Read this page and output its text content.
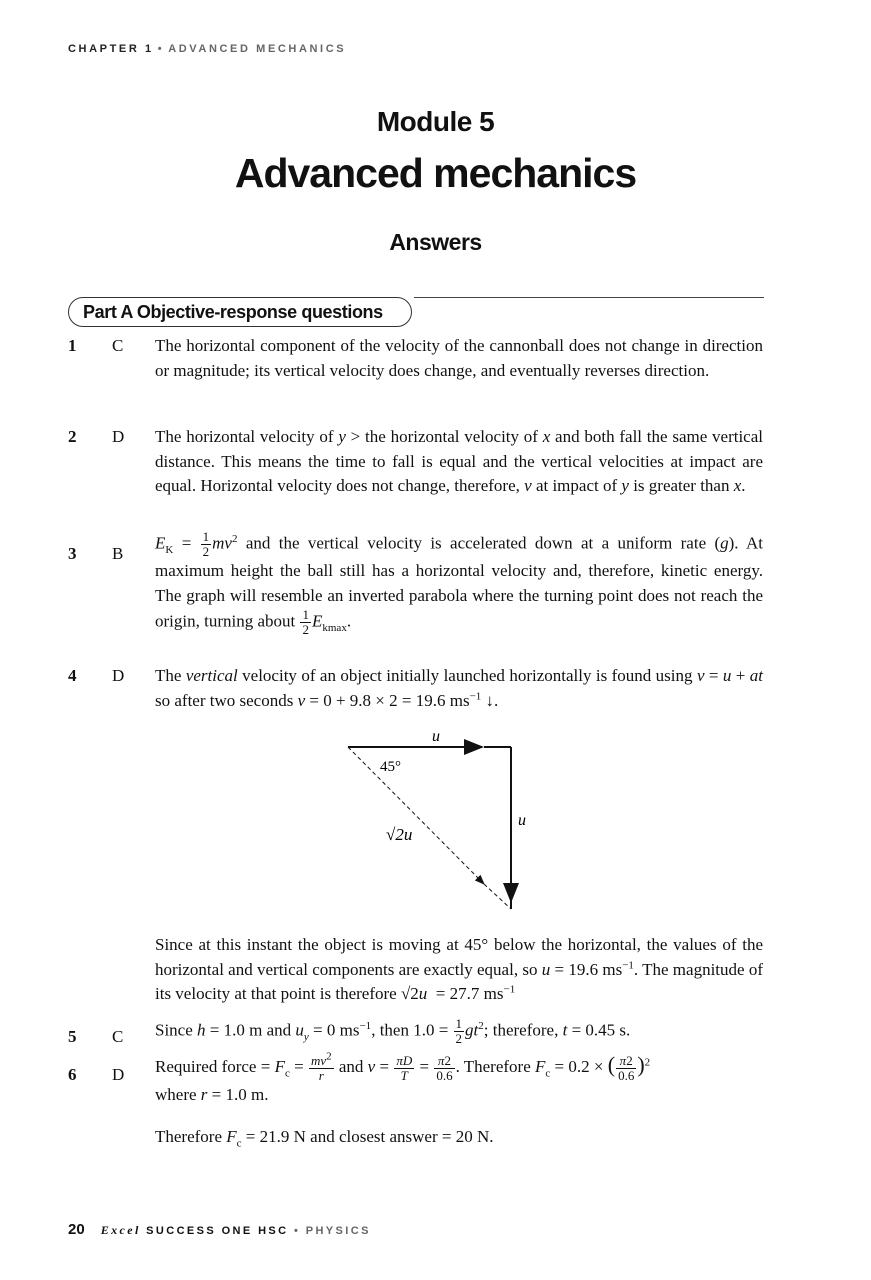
CHAPTER 1 • ADVANCED MECHANICS
Module 5
Advanced mechanics
Answers
Part A Objective-response questions
1 C The horizontal component of the velocity of the cannonball does not change in direction or magnitude; its vertical velocity does change, and eventually reverses direction.
2 D The horizontal velocity of y > the horizontal velocity of x and both fall the same vertical distance. This means the time to fall is equal and the vertical velocities at impact are equal. Horizontal velocity does not change, therefore, v at impact of y is greater than x.
3 B
$E_K = \frac{1}{2} mv^2$ and the vertical velocity is accelerated down at a uniform rate (g). At maximum height the ball still has a horizontal velocity and, therefore, kinetic energy. The graph will resemble an inverted parabola where the turning point does not reach the origin, turning about $\frac{1}{2} E_{kmax}$.
4 D The vertical velocity of an object initially launched horizontally is found using v = u + at so after two seconds v = 0 + 9.8 × 2 = 19.6 $ms^{-1}$ ↓.
u
u
45°
√2u
Since at this instant the object is moving at 45° below the horizontal, the values of the horizontal and vertical components are exactly equal, so u = 19.6 $ms^{-1}$. The magnitude of its velocity at that point is therefore √2u  = 27.7 $ms^{-1}$
5 C Since h = 1.0 m and $u_y = 0$ $ms^{-1}$, then $1.0 = \frac{1}{2} gt^2$; therefore, t = 0.45 s.
6 D Required force = $F_c = \frac{mv^2}{r}$ and $v = \frac{\pi D}{T} = \frac{\pi 2}{0.6}$ . Therefore $F_c = 0.2$ × ( $\frac{\pi 2}{0.6} )^2$
where r = 1.0 m.
Therefore $F_c = 21.9$ N and closest answer = 20 N.
20 Excel SUCCESS ONE HSC • PHYSICS
